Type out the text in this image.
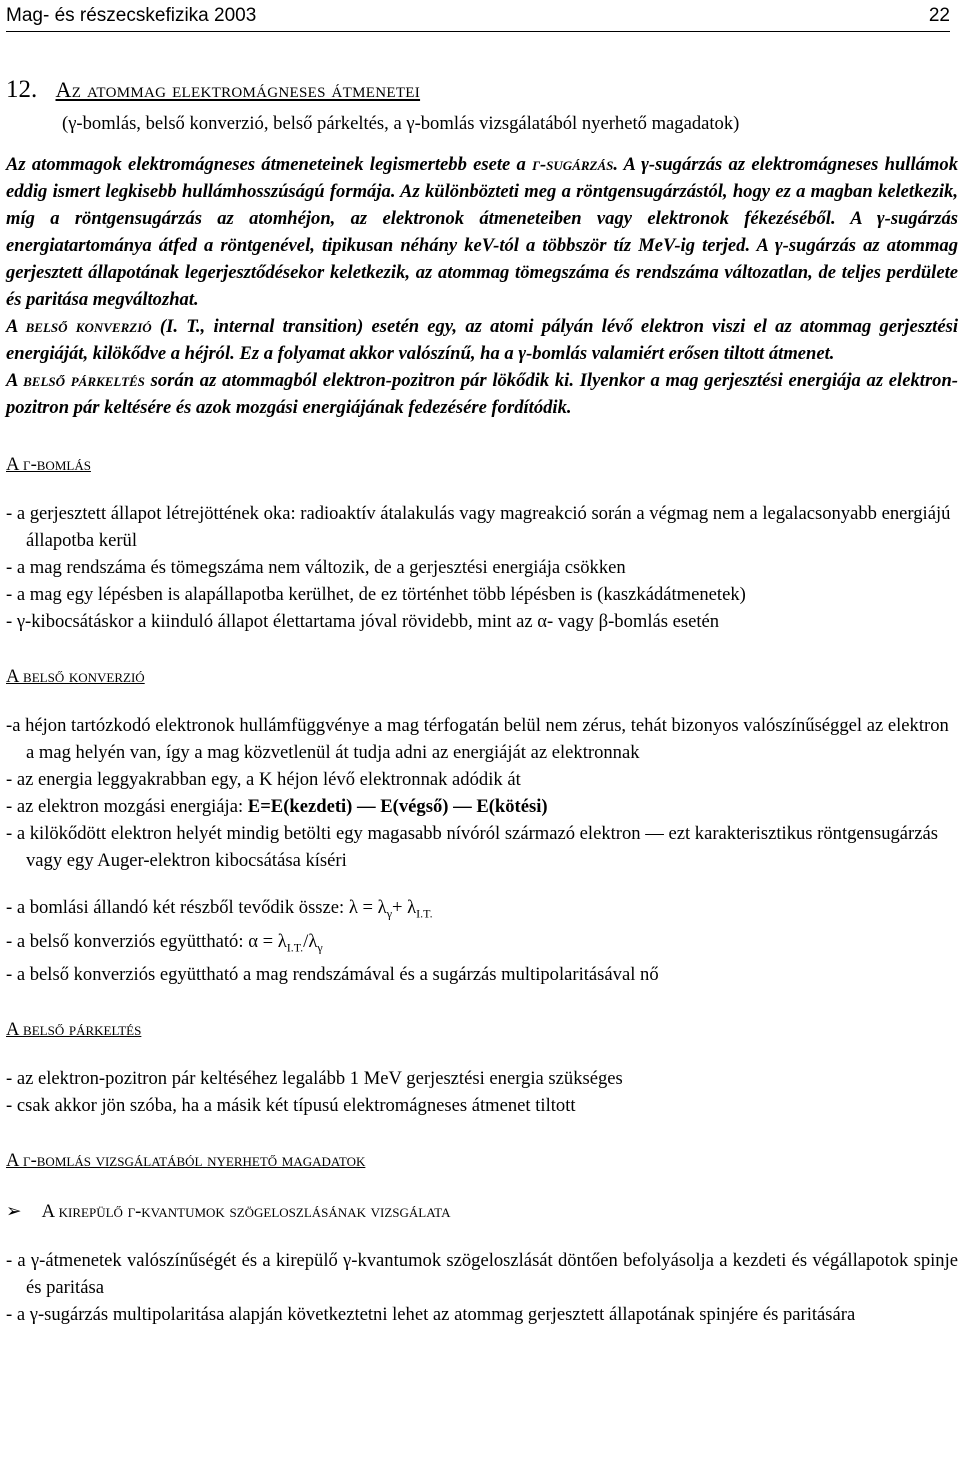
Mag- és részecskefizika 2003	22
12. Az atommag elektromágneses átmenetei
(γ-bomlás, belső konverzió, belső párkeltés, a γ-bomlás vizsgálatából nyerhető magadatok)

Az atommagok elektromágneses átmeneteinek legismertebb esete a γ-sugárzás. A γ-sugárzás az elektromágneses hullámok eddig ismert legkisebb hullámhosszúságú formája. Az különbözteti meg a röntgensugárzástól, hogy ez a magban keletkezik, míg a röntgensugárzás az atomhéjon, az elektronok átmeneteiben vagy elektronok fékezéséből. A γ-sugárzás energiatartománya átfed a röntgenével, tipikusan néhány keV-tól a többször tíz MeV-ig terjed. A γ-sugárzás az atommag gerjesztett állapotának legerjesztődésekor keletkezik, az atommag tömegszáma és rendszáma változatlan, de teljes perdülete és paritása megváltozhat.

A belső konverzió (I. T., internal transition) esetén egy, az atomi pályán lévő elektron viszi el az atommag gerjesztési energiáját, kilökődve a héjról. Ez a folyamat akkor valószínű, ha a γ-bomlás valamiért erősen tiltott átmenet.

A belső párkeltés során az atommagból elektron-pozitron pár lökődik ki. Ilyenkor a mag gerjesztési energiája az elektron-pozitron pár keltésére és azok mozgási energiájának fedezésére fordítódik.

A γ-bomlás

- a gerjesztett állapot létrejöttének oka: radioaktív átalakulás vagy magreakció során a végmag nem a legalacsonyabb energiájú állapotba kerül

- a mag rendszáma és tömegszáma nem változik, de a gerjesztési energiája csökken

- a mag egy lépésben is alapállapotba kerülhet, de ez történhet több lépésben is (kaszkádátmenetek)

- γ-kibocsátáskor a kiinduló állapot élettartama jóval rövidebb, mint az α- vagy β-bomlás esetén

A belső konverzió

-a héjon tartózkodó elektronok hullámfüggvénye a mag térfogatán belül nem zérus, tehát bizonyos valószínűséggel az elektron a mag helyén van, így a mag közvetlenül át tudja adni az energiáját az elektronnak

- az energia leggyakrabban egy, a K héjon lévő elektronnak adódik át

- az elektron mozgási energiája: E=E(kezdeti) — E(végső) — E(kötési)

- a kilökődött elektron helyét mindig betölti egy magasabb nívóról származó elektron — ezt karakterisztikus röntgensugárzás vagy egy Auger-elektron kibocsátása kíséri

- a bomlási állandó két részből tevődik össze: $\lambda = \lambda_\gamma+ \lambda_{I.T.}$

- a belső konverziós együttható: $\alpha = \lambda_{I.T.}/\lambda_\gamma$

- a belső konverziós együttható a mag rendszámával és a sugárzás multipolaritásával nő

A belső párkeltés

- az elektron-pozitron pár keltéséhez legalább 1 MeV gerjesztési energia szükséges

- csak akkor jön szóba, ha a másik két típusú elektromágneses átmenet tiltott

A γ-bomlás vizsgálatából nyerhető magadatok
➢ A kirepülő γ-kvantumok szögeloszlásának vizsgálata

- a γ-átmenetek valószínűségét és a kirepülő γ-kvantumok szögeloszlását döntően befolyásolja a kezdeti és végállapotok spinje és paritása

- a γ-sugárzás multipolaritása alapján következtetni lehet az atommag gerjesztett állapotának spinjére és paritására
